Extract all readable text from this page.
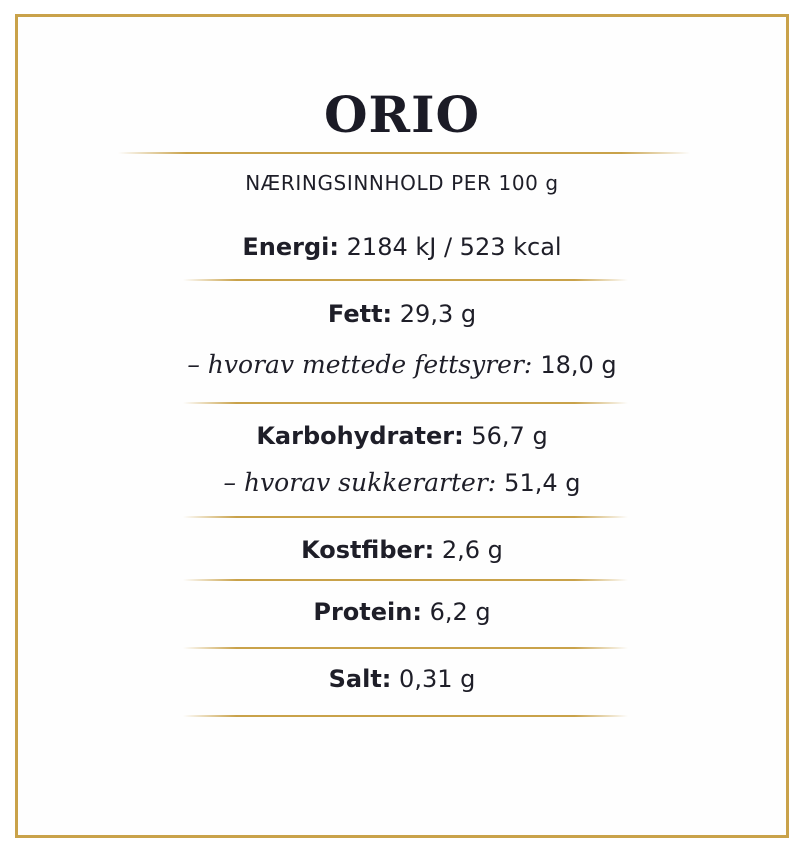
ORIO
NÆRINGSINNHOLD PER 100 g
Energi: 2184 kJ / 523 kcal
Fett: 29,3 g
– hvorav mettede fettsyrer: 18,0 g
Karbohydrater: 56,7 g
– hvorav sukkerarter: 51,4 g
Kostfiber: 2,6 g
Protein: 6,2 g
Salt: 0,31 g
